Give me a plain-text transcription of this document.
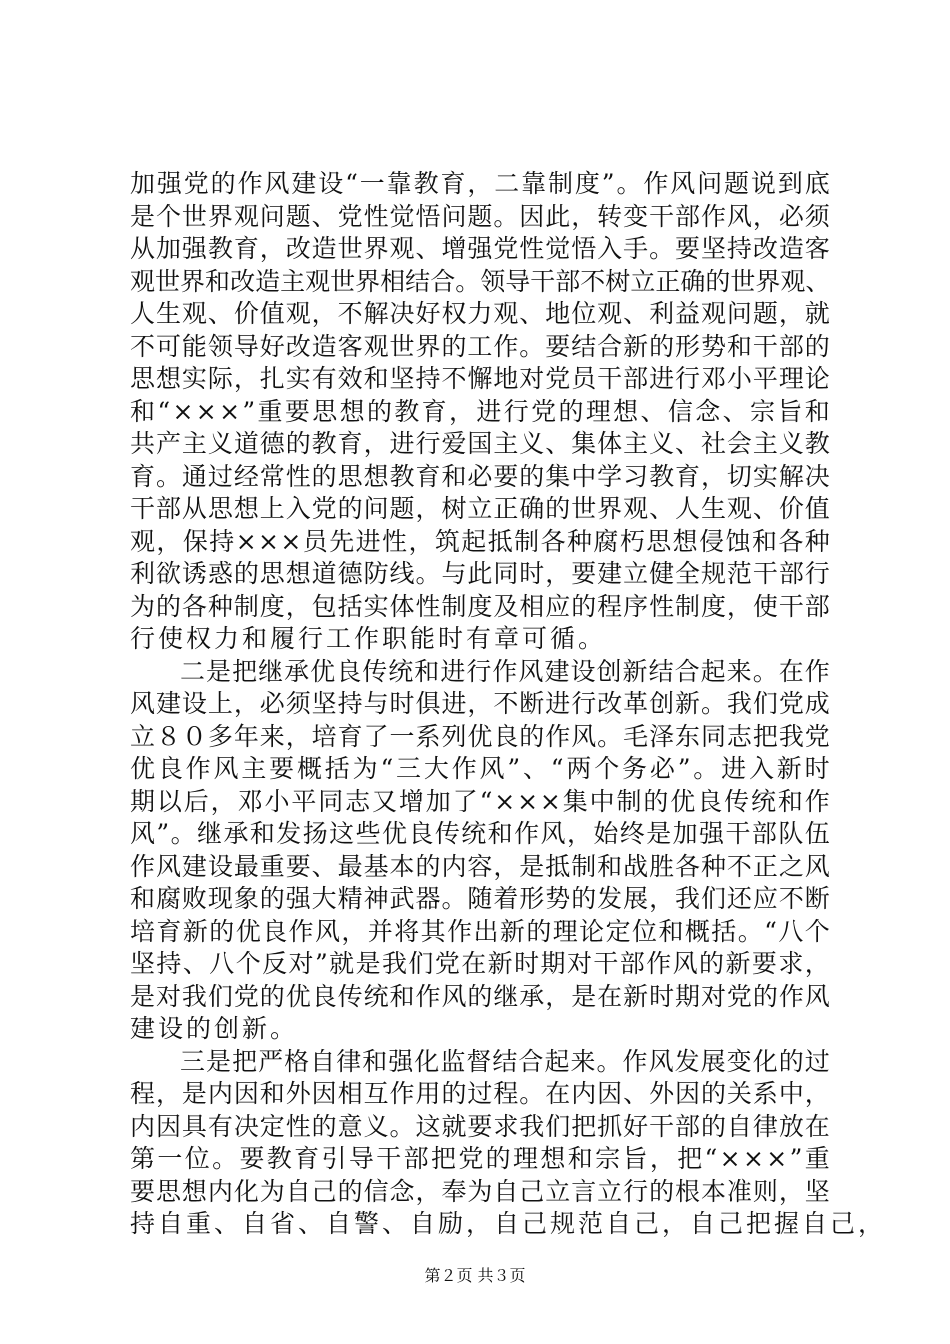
加 强 党 的 作 风 建 设 “ 一 靠 教 育 ， 二 靠 制 度 ” 。 作 风 问 题 说 到 底
是 个 世 界 观 问 题 、 党 性 觉 悟 问 题 。 因 此 ， 转 变 干 部 作 风 ， 必 须
从 加 强 教 育 ， 改 造 世 界 观 、 增 强 党 性 觉 悟 入 手 。 要 坚 持 改 造 客
观 世 界 和 改 造 主 观 世 界 相 结 合 。 领 导 干 部 不 树 立 正 确 的 世 界 观 、
人 生 观 、 价 值 观 ， 不 解 决 好 权 力 观 、 地 位 观 、 利 益 观 问 题 ， 就
不 可 能 领 导 好 改 造 客 观 世 界 的 工 作 。 要 结 合 新 的 形 势 和 干 部 的
思 想 实 际 ， 扎 实 有 效 和 坚 持 不 懈 地 对 党 员 干 部 进 行 邓 小 平 理 论
和 “ × × × ” 重 要 思 想 的 教 育 ， 进 行 党 的 理 想 、 信 念 、 宗 旨 和
共 产 主 义 道 德 的 教 育 ， 进 行 爱 国 主 义 、 集 体 主 义 、 社 会 主 义 教
育 。 通 过 经 常 性 的 思 想 教 育 和 必 要 的 集 中 学 习 教 育 ， 切 实 解 决
干 部 从 思 想 上 入 党 的 问 题 ， 树 立 正 确 的 世 界 观 、 人 生 观 、 价 值
观 ， 保 持 × × × 员 先 进 性 ， 筑 起 抵 制 各 种 腐 朽 思 想 侵 蚀 和 各 种
利 欲 诱 惑 的 思 想 道 德 防 线 。 与 此 同 时 ， 要 建 立 健 全 规 范 干 部 行
为 的 各 种 制 度 ， 包 括 实 体 性 制 度 及 相 应 的 程 序 性 制 度 ， 使 干 部
行使权力和履行工作职能时有章可循。
二 是 把 继 承 优 良 传 统 和 进 行 作 风 建 设 创 新 结 合 起 来 。 在 作
风 建 设 上 ， 必 须 坚 持 与 时 俱 进 ， 不 断 进 行 改 革 创 新 。 我 们 党 成
立 ８ ０ 多 年 来 ， 培 育 了 一 系 列 优 良 的 作 风 。 毛 泽 东 同 志 把 我 党
优 良 作 风 主 要 概 括 为 “ 三 大 作 风 ” 、 “ 两 个 务 必 ” 。 进 入 新 时
期 以 后 ， 邓 小 平 同 志 又 增 加 了 “ × × × 集 中 制 的 优 良 传 统 和 作
风 ” 。 继 承 和 发 扬 这 些 优 良 传 统 和 作 风 ， 始 终 是 加 强 干 部 队 伍
作 风 建 设 最 重 要 、 最 基 本 的 内 容 ， 是 抵 制 和 战 胜 各 种 不 正 之 风
和 腐 败 现 象 的 强 大 精 神 武 器 。 随 着 形 势 的 发 展 ， 我 们 还 应 不 断
培 育 新 的 优 良 作 风 ， 并 将 其 作 出 新 的 理 论 定 位 和 概 括 。 “ 八 个
坚 持 、 八 个 反 对 ” 就 是 我 们 党 在 新 时 期 对 干 部 作 风 的 新 要 求 ，
是 对 我 们 党 的 优 良 传 统 和 作 风 的 继 承 ， 是 在 新 时 期 对 党 的 作 风
建设的创新。
三 是 把 严 格 自 律 和 强 化 监 督 结 合 起 来 。 作 风 发 展 变 化 的 过
程 ， 是 内 因 和 外 因 相 互 作 用 的 过 程 。 在 内 因 、 外 因 的 关 系 中 ，
内 因 具 有 决 定 性 的 意 义 。 这 就 要 求 我 们 把 抓 好 干 部 的 自 律 放 在
第 一 位 。 要 教 育 引 导 干 部 把 党 的 理 想 和 宗 旨 ， 把 “ × × × ” 重
要 思 想 内 化 为 自 己 的 信 念 ， 奉 为 自 己 立 言 立 行 的 根 本 准 则 ， 坚
持自重、自省、自警、自励，自己规范自己，自己把握自己，
第２页 共３页
